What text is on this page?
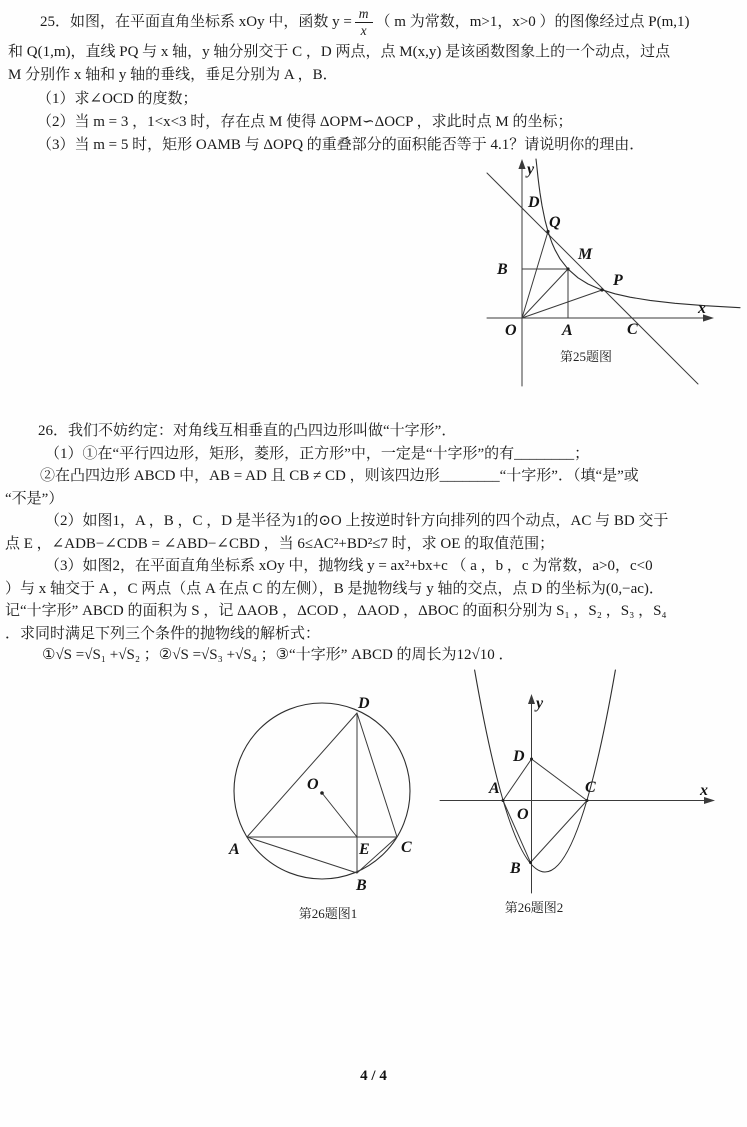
25．如图，在平面直角坐标系 xOy 中，函数 $y = \frac{m}{x}$ （ m 为常数，m>1，x>0 ）的图像经过点 P(m,1)
和 Q(1,m)，直线 PQ 与 x 轴，y 轴分别交于 C ，D 两点，点 M(x,y) 是该函数图象上的一个动点，过点
M 分别作 x 轴和 y 轴的垂线，垂足分别为 A ，B．
（1）求∠OCD 的度数；
（2）当 m = 3 ，1<x<3 时，存在点 M 使得 ΔOPM∽ΔOCP ，求此时点 M 的坐标；
（3）当 m = 5 时，矩形 OAMB 与 ΔOPQ 的重叠部分的面积能否等于 4.1？请说明你的理由．
y
D
Q
M
B
P
x
O	A	C
第25题图
26．我们不妨约定：对角线互相垂直的凸四边形叫做“十字形”．
（1）①在“平行四边形，矩形，菱形，正方形”中，一定是“十字形”的有________；
②在凸四边形 ABCD 中，AB = AD 且 CB ≠ CD ，则该四边形________“十字形”．（填“是”或
“不是”）
（2）如图1，A ，B ，C ，D 是半径为1的⊙O 上按逆时针方向排列的四个动点，AC 与 BD 交于
点 E ，∠ADB−∠CDB = ∠ABD−∠CBD ，当 6≤AC²+BD²≤7 时，求 OE 的取值范围；
（3）如图2，在平面直角坐标系 xOy 中，抛物线 y = ax²+bx+c （ a ，b ，c 为常数，a>0，c<0
）与 x 轴交于 A ，C 两点（点 A 在点 C 的左侧），B 是抛物线与 y 轴的交点，点 D 的坐标为(0,−ac)．
记“十字形” ABCD 的面积为 S ，记 ΔAOB ，ΔCOD ，ΔAOD ，ΔBOC 的面积分别为 S₁ ，S₂ ，S₃ ，S₄
．求同时满足下列三个条件的抛物线的解析式：
①√S =√S₁ +√S₂ ；②√S =√S₃ +√S₄ ；③“十字形” ABCD 的周长为12√10 ．
D
O
A	E C
B
第26题图1
y
D
A	C	x
O
B
第26题图2
4 / 4
